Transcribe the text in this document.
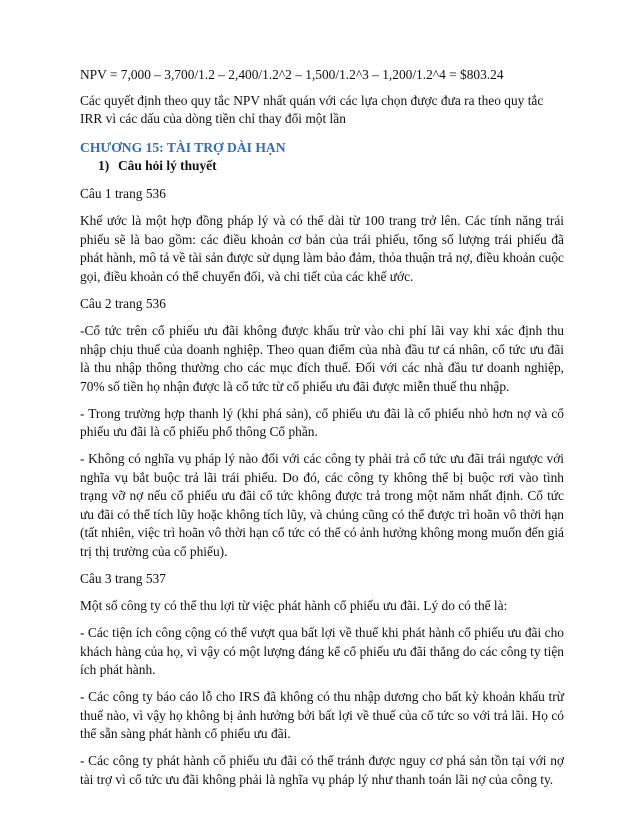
NPV = 7,000 – 3,700/1.2 – 2,400/1.2^2 – 1,500/1.2^3 – 1,200/1.2^4 = $803.24

Các quyết định theo quy tắc NPV nhất quán với các lựa chọn được đưa ra theo quy tắc IRR vì các dấu của dòng tiền chỉ thay đổi một lần

CHƯƠNG 15: TÀI TRỢ DÀI HẠN
1) Câu hỏi lý thuyết

Câu 1 trang 536

Khế ước là một hợp đồng pháp lý và có thể dài từ 100 trang trở lên. Các tính năng trái phiếu sẽ là bao gồm: các điều khoản cơ bản của trái phiếu, tổng số lượng trái phiếu đã phát hành, mô tả về tài sản được sử dụng làm bảo đảm, thỏa thuận trả nợ, điều khoản cuộc gọi, điều khoản có thể chuyển đổi, và chi tiết của các khế ước.

Câu 2 trang 536

-Cổ tức trên cổ phiếu ưu đãi không được khấu trừ vào chi phí lãi vay khi xác định thu nhập chịu thuế của doanh nghiệp. Theo quan điểm của nhà đầu tư cá nhân, cổ tức ưu đãi là thu nhập thông thường cho các mục đích thuế. Đối với các nhà đầu tư doanh nghiệp, 70% số tiền họ nhận được là cổ tức từ cổ phiếu ưu đãi được miễn thuế thu nhập.

- Trong trường hợp thanh lý (khi phá sản), cổ phiếu ưu đãi là cổ phiếu nhỏ hơn nợ và cổ phiếu ưu đãi là cổ phiếu phổ thông Cổ phần.

- Không có nghĩa vụ pháp lý nào đối với các công ty phải trả cổ tức ưu đãi trái ngược với nghĩa vụ bắt buộc trả lãi trái phiếu. Do đó, các công ty không thể bị buộc rơi vào tình trạng vỡ nợ nếu cổ phiếu ưu đãi cổ tức không được trả trong một năm nhất định. Cổ tức ưu đãi có thể tích lũy hoặc không tích lũy, và chúng cũng có thể được trì hoãn vô thời hạn (tất nhiên, việc trì hoãn vô thời hạn cổ tức có thể có ảnh hưởng không mong muốn đến giá trị thị trường của cổ phiếu).

Câu 3 trang 537

Một số công ty có thể thu lợi từ việc phát hành cổ phiếu ưu đãi. Lý do có thể là:

- Các tiện ích công cộng có thể vượt qua bất lợi về thuế khi phát hành cổ phiếu ưu đãi cho khách hàng của họ, vì vậy có một lượng đáng kể cổ phiếu ưu đãi thẳng do các công ty tiện ích phát hành.

- Các công ty báo cáo lỗ cho IRS đã không có thu nhập dương cho bất kỳ khoản khấu trừ thuế nào, vì vậy họ không bị ảnh hưởng bởi bất lợi về thuế của cổ tức so với trả lãi. Họ có thể sẵn sàng phát hành cổ phiếu ưu đãi.

- Các công ty phát hành cổ phiếu ưu đãi có thể tránh được nguy cơ phá sản tồn tại với nợ tài trợ vì cổ tức ưu đãi không phải là nghĩa vụ pháp lý như thanh toán lãi nợ của công ty.
